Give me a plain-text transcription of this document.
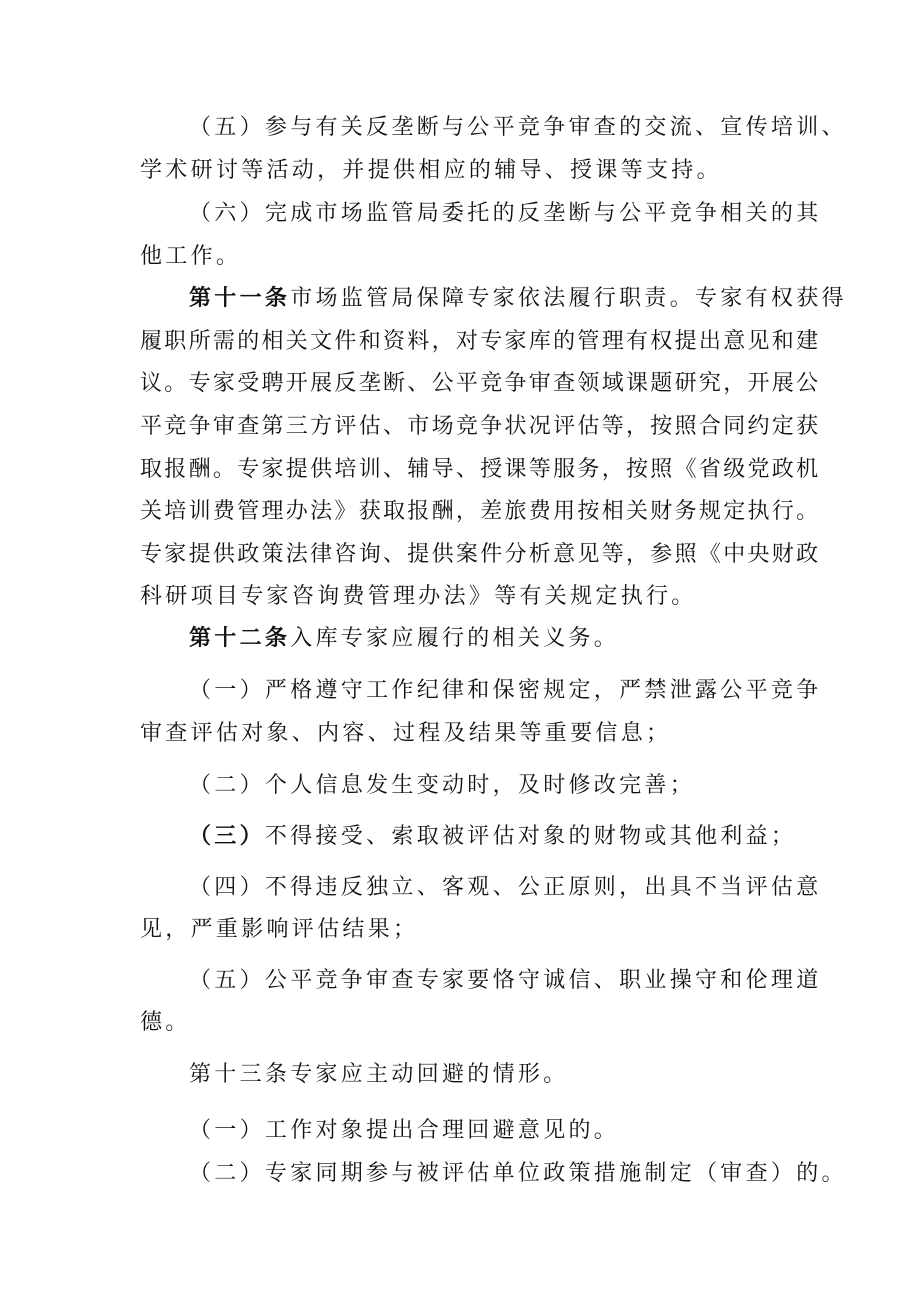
（五）参与有关反垄断与公平竞争审查的交流、宣传培训、
学术研讨等活动，并提供相应的辅导、授课等支持。
（六）完成市场监管局委托的反垄断与公平竞争相关的其
他工作。
第十一条市场监管局保障专家依法履行职责。专家有权获得
履职所需的相关文件和资料，对专家库的管理有权提出意见和建
议。专家受聘开展反垄断、公平竞争审查领域课题研究，开展公
平竞争审查第三方评估、市场竞争状况评估等，按照合同约定获
取报酬。专家提供培训、辅导、授课等服务，按照《省级党政机
关培训费管理办法》获取报酬，差旅费用按相关财务规定执行。
专家提供政策法律咨询、提供案件分析意见等，参照《中央财政
科研项目专家咨询费管理办法》等有关规定执行。
第十二条入库专家应履行的相关义务。
（一）严格遵守工作纪律和保密规定，严禁泄露公平竞争
审查评估对象、内容、过程及结果等重要信息；
（二）个人信息发生变动时，及时修改完善；
（三）不得接受、索取被评估对象的财物或其他利益；
（四）不得违反独立、客观、公正原则，出具不当评估意
见，严重影响评估结果；
（五）公平竞争审查专家要恪守诚信、职业操守和伦理道
德。
第十三条专家应主动回避的情形。
（一）工作对象提出合理回避意见的。
（二）专家同期参与被评估单位政策措施制定（审查）的。
